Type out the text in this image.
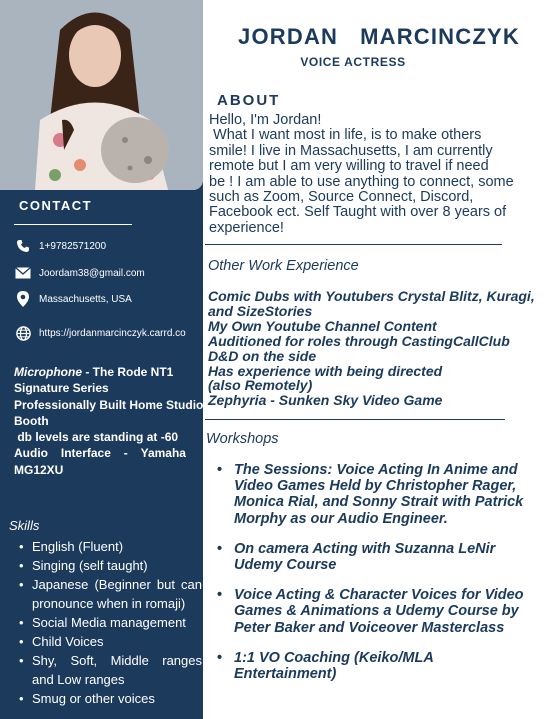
CONTACT
1+9782571200
Joordam38@gmail.com
Massachusetts, USA
https://jordanmarcinczyk.carrd.co
Microphone - The Rode NT1
Signature Series
Professionally Built Home Studio
Booth
db levels are standing at -60
Audio Interface - Yamaha
MG12XU
Skills
• English (Fluent)
• Singing (self taught)
• Japanese (Beginner but can
pronounce when in romaji)
• Social Media management
• Child Voices
• Shy, Soft, Middle ranges
and Low ranges
• Smug or other voices
JORDAN MARCINCZYK
VOICE ACTRESS
ABOUT
Hello, I'm Jordan!
What I want most in life, is to make others
smile! I live in Massachusetts, I am currently
remote but I am very willing to travel if need
be ! I am able to use anything to connect, some
such as Zoom, Source Connect, Discord,
Facebook ect. Self Taught with over 8 years of
experience!
Other Work Experience
Comic Dubs with Youtubers Crystal Blitz, Kuragi,
and SizeStories
My Own Youtube Channel Content
Auditioned for roles through CastingCallClub
D&D on the side
Has experience with being directed
(also Remotely)
Zephyria - Sunken Sky Video Game
Workshops
• The Sessions: Voice Acting In Anime and
Video Games Held by Christopher Rager,
Monica Rial, and Sonny Strait with Patrick
Morphy as our Audio Engineer.
• On camera Acting with Suzanna LeNir
Udemy Course
• Voice Acting & Character Voices for Video
Games & Animations a Udemy Course by
Peter Baker and Voiceover Masterclass
• 1:1 VO Coaching (Keiko/MLA
Entertainment)
